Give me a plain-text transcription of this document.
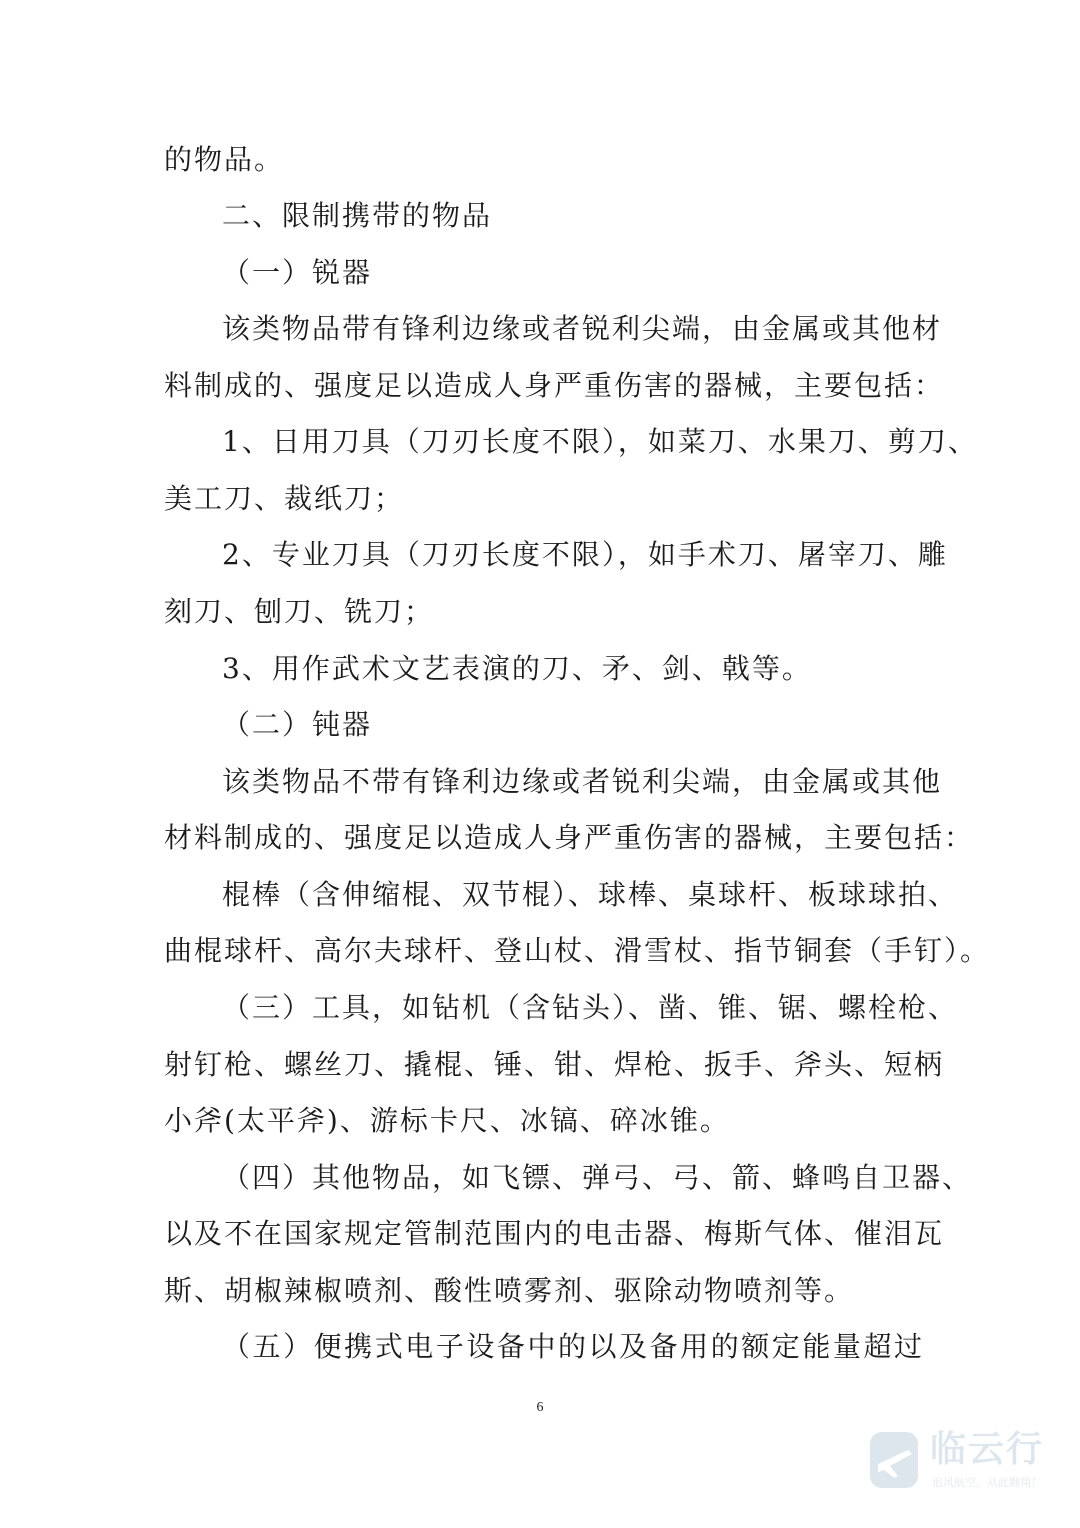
的物品。
二、限制携带的物品
（一）锐器
该类物品带有锋利边缘或者锐利尖端，由金属或其他材
料制成的、强度足以造成人身严重伤害的器械，主要包括：
1、日用刀具（刀刃长度不限），如菜刀、水果刀、剪刀、
美工刀、裁纸刀；
2、专业刀具（刀刃长度不限），如手术刀、屠宰刀、雕
刻刀、刨刀、铣刀；
3、用作武术文艺表演的刀、矛、剑、戟等。
（二）钝器
该类物品不带有锋利边缘或者锐利尖端，由金属或其他
材料制成的、强度足以造成人身严重伤害的器械，主要包括：
棍棒（含伸缩棍、双节棍）、球棒、桌球杆、板球球拍、
曲棍球杆、高尔夫球杆、登山杖、滑雪杖、指节铜套（手钉）。
（三）工具，如钻机（含钻头）、凿、锥、锯、螺栓枪、
射钉枪、螺丝刀、撬棍、锤、钳、焊枪、扳手、斧头、短柄
小斧(太平斧)、游标卡尺、冰镐、碎冰锥。
（四）其他物品，如飞镖、弹弓、弓、箭、蜂鸣自卫器、
以及不在国家规定管制范围内的电击器、梅斯气体、催泪瓦
斯、胡椒辣椒喷剂、酸性喷雾剂、驱除动物喷剂等。
（五）便携式电子设备中的以及备用的额定能量超过
6
临云行
追风航空，从此翱翔！
